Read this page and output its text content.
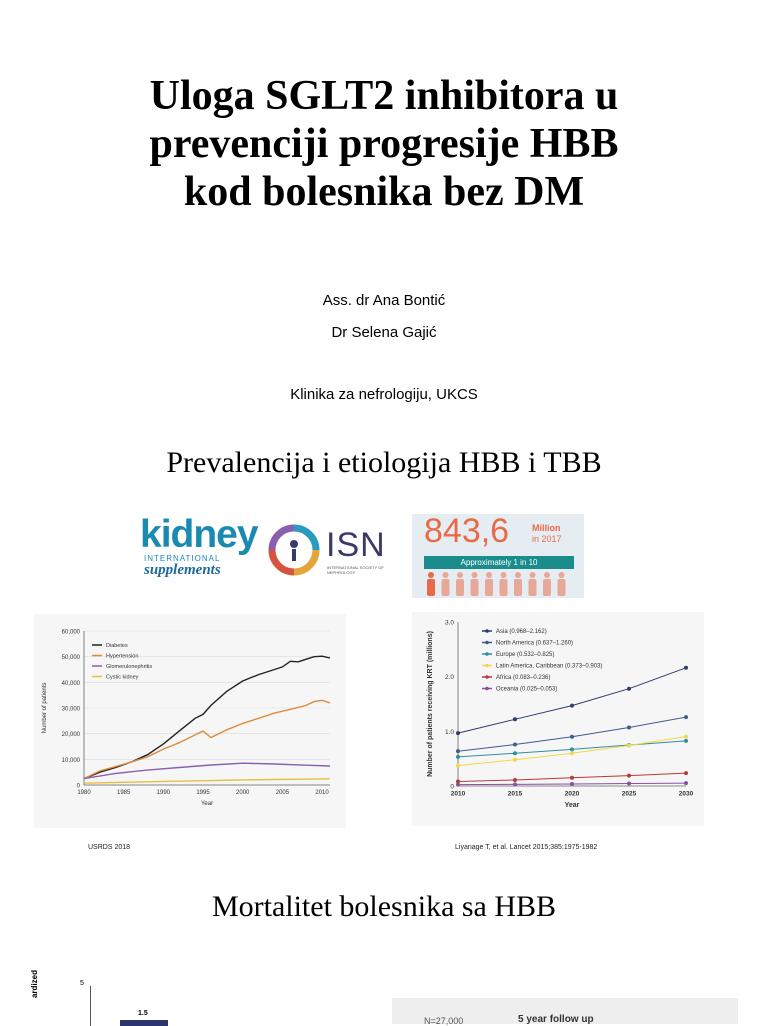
Uloga SGLT2 inhibitora u
prevenciji progresije HBB
kod bolesnika bez DM
Ass. dr Ana Bontić
Dr Selena Gajić
Klinika za nefrologiju, UKCS
Prevalencija i etiologija HBB i TBB
kidney
INTERNATIONAL
supplements
ISN
INTERNATIONAL SOCIETY OF NEPHROLOGY
843,6	Million
in 2017
Approximately 1 in 10
0
10,000
20,000
30,000
40,000
50,000
60,000
1980	1985	1990	1995	2000	2005	2010
Year
Number of patients
Diabetes
Hypertension
Glomerulonephritis
Cystic kidney
USRDS 2018
0
1.0
2.0
3.0
2010	2015	2020	2025	2030
Year
Number of patients receiving KRT (millions)	Asia (0.968–2.162)
North America (0.637–1.260)
Europe (0.532–0.825)
Latin America, Caribbean (0.373–0.903)
Africa (0.083–0.236)
Oceania (0.025–0.053)
Liyanage T, et al. Lancet 2015;385:1975-1982
Mortalitet bolesnika sa HBB
ardized	5
1.5
N=27,000	5 year follow up
